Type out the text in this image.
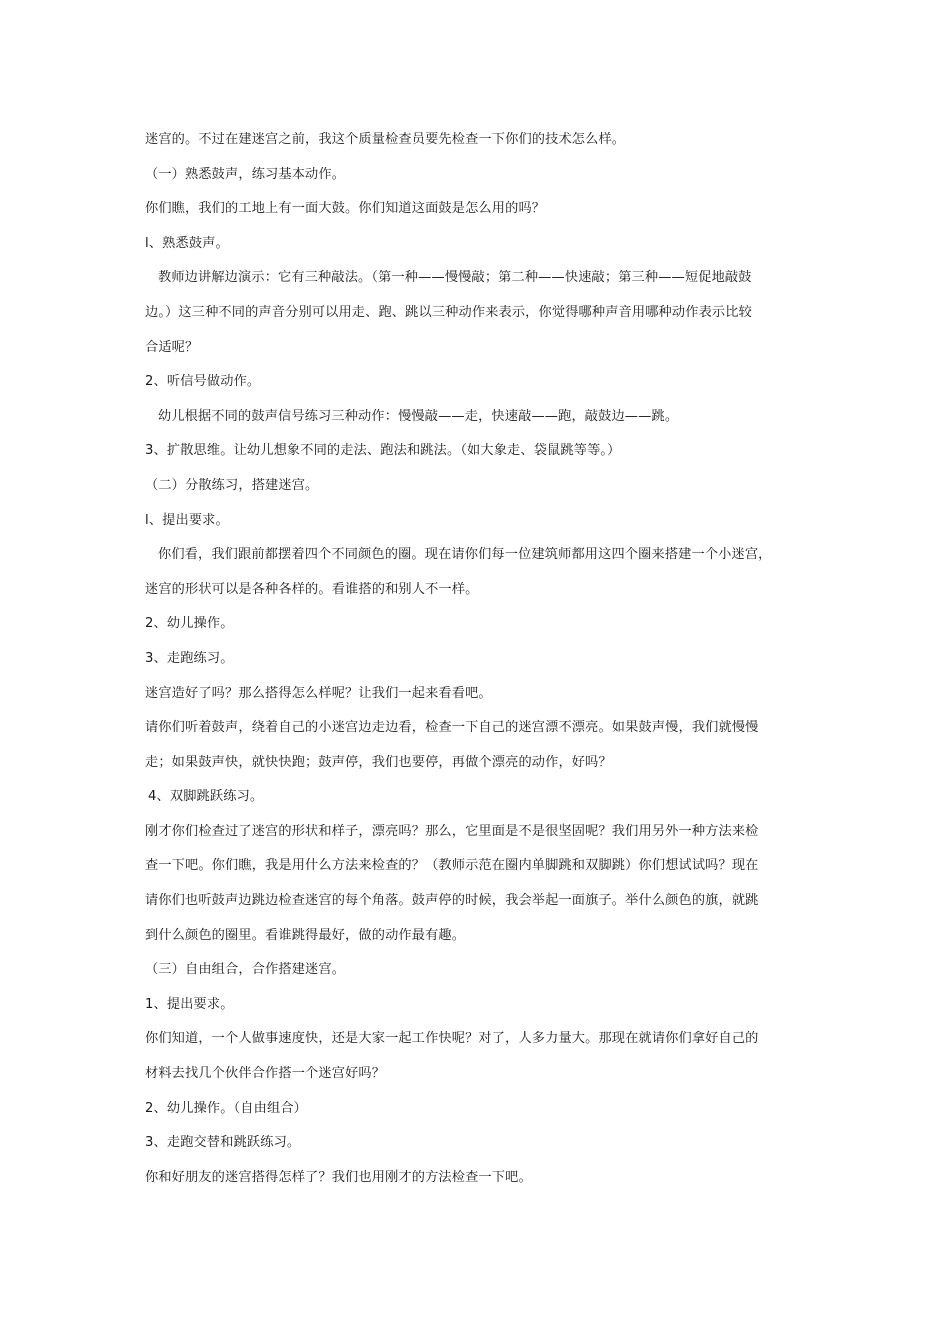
迷宫的。不过在建迷宫之前，我这个质量检查员要先检查一下你们的技术怎么样。
（一）熟悉鼓声，练习基本动作。
你们瞧，我们的工地上有一面大鼓。你们知道这面鼓是怎么用的吗？
l、熟悉鼓声。
教师边讲解边演示：它有三种敲法。（第一种——慢慢敲；第二种——快速敲；第三种——短促地敲鼓
边。）这三种不同的声音分别可以用走、跑、跳以三种动作来表示，你觉得哪种声音用哪种动作表示比较
合适呢？
2、听信号做动作。
幼儿根据不同的鼓声信号练习三种动作：慢慢敲——走，快速敲——跑，敲鼓边——跳。
3、扩散思维。让幼儿想象不同的走法、跑法和跳法。（如大象走、袋鼠跳等等。）
（二）分散练习，搭建迷宫。
l、提出要求。
你们看，我们跟前都摆着四个不同颜色的圈。现在请你们每一位建筑师都用这四个圈来搭建一个小迷宫，
迷宫的形状可以是各种各样的。看谁搭的和别人不一样。
2、幼儿操作。
3、走跑练习。
迷宫造好了吗？那么搭得怎么样呢？让我们一起来看看吧。
请你们听着鼓声，绕着自己的小迷宫边走边看，检查一下自己的迷宫漂不漂亮。如果鼓声慢，我们就慢慢
走；如果鼓声快，就快快跑；鼓声停，我们也要停，再做个漂亮的动作，好吗？
4、双脚跳跃练习。
刚才你们检查过了迷宫的形状和样子，漂亮吗？那么，它里面是不是很坚固呢？我们用另外一种方法来检
查一下吧。你们瞧，我是用什么方法来检查的？（教师示范在圈内单脚跳和双脚跳）你们想试试吗？现在
请你们也听鼓声边跳边检查迷宫的每个角落。鼓声停的时候，我会举起一面旗子。举什么颜色的旗，就跳
到什么颜色的圈里。看谁跳得最好，做的动作最有趣。
（三）自由组合，合作搭建迷宫。
1、提出要求。
你们知道，一个人做事速度快，还是大家一起工作快呢？对了，人多力量大。那现在就请你们拿好自己的
材料去找几个伙伴合作搭一个迷宫好吗？
2、幼儿操作。（自由组合）
3、走跑交替和跳跃练习。
你和好朋友的迷宫搭得怎样了？我们也用刚才的方法检查一下吧。
